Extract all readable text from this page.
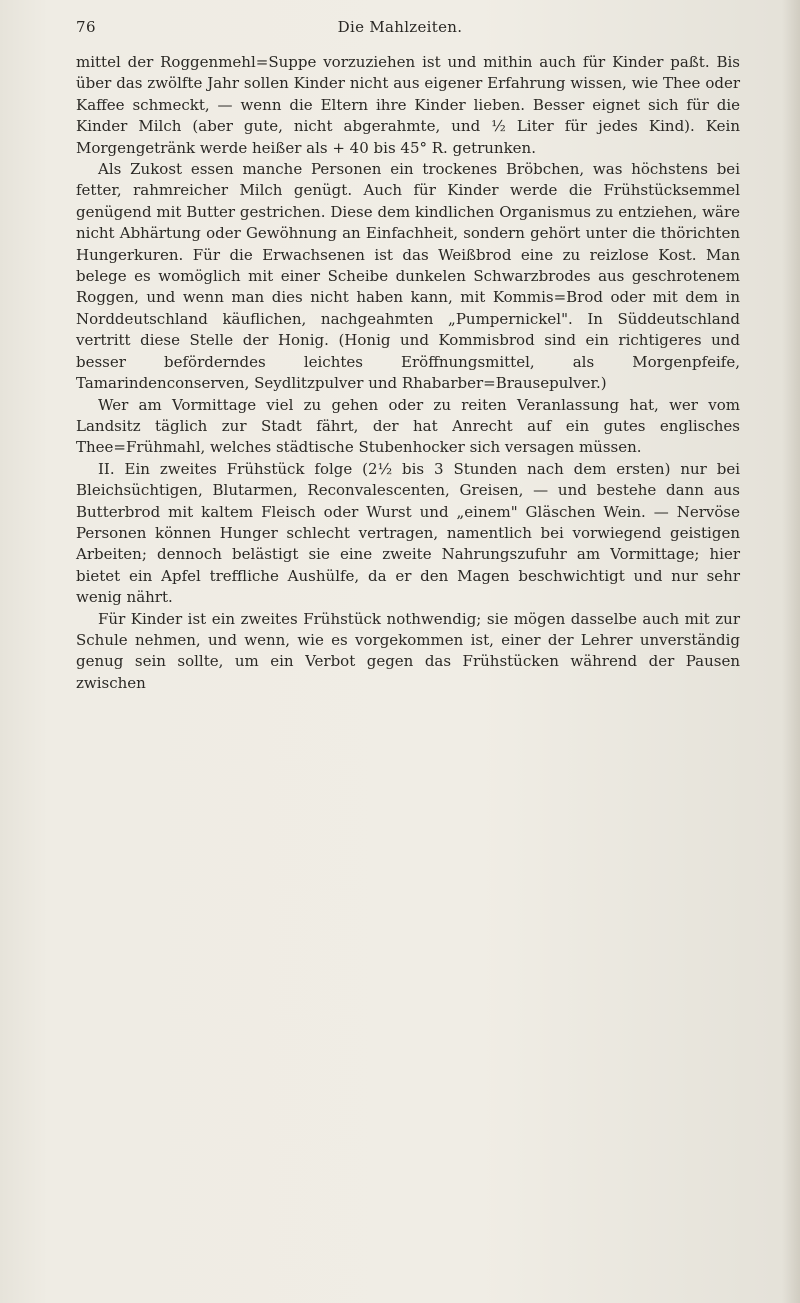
76	Die Mahlzeiten.

mittel der Roggenmehl=Suppe vorzuziehen ist und mithin auch für Kinder paßt. Bis über das zwölfte Jahr sollen Kinder nicht aus eigener Erfahrung wissen, wie Thee oder Kaffee schmeckt, — wenn die Eltern ihre Kinder lieben. Besser eignet sich für die Kinder Milch (aber gute, nicht abgerahmte, und ½ Liter für jedes Kind). Kein Morgengetränk werde heißer als + 40 bis 45° R. getrunken.

Als Zukost essen manche Personen ein trockenes Bröbchen, was höchstens bei fetter, rahmreicher Milch genügt. Auch für Kinder werde die Frühstücksemmel genügend mit Butter gestrichen. Diese dem kindlichen Organismus zu entziehen, wäre nicht Abhärtung oder Gewöhnung an Einfachheit, sondern gehört unter die thörichten Hungerkuren. Für die Erwachsenen ist das Weißbrod eine zu reizlose Kost. Man belege es womöglich mit einer Scheibe dunkelen Schwarzbrodes aus geschrotenem Roggen, und wenn man dies nicht haben kann, mit Kommis=Brod oder mit dem in Norddeutschland käuflichen, nachgeahmten „Pumpernickel". In Süddeutschland vertritt diese Stelle der Honig. (Honig und Kommisbrod sind ein richtigeres und besser beförderndes leichtes Eröffnungsmittel, als Morgenpfeife, Tamarindenconserven, Seydlitzpulver und Rhabarber=Brausepulver.)

Wer am Vormittage viel zu gehen oder zu reiten Veranlassung hat, wer vom Landsitz täglich zur Stadt fährt, der hat Anrecht auf ein gutes englisches Thee=Frühmahl, welches städtische Stubenhocker sich versagen müssen.

II. Ein zweites Frühstück folge (2½ bis 3 Stunden nach dem ersten) nur bei Bleichsüchtigen, Blutarmen, Reconvalescenten, Greisen, — und bestehe dann aus Butterbrod mit kaltem Fleisch oder Wurst und „einem" Gläschen Wein. — Nervöse Personen können Hunger schlecht vertragen, namentlich bei vorwiegend geistigen Arbeiten; dennoch belästigt sie eine zweite Nahrungszufuhr am Vormittage; hier bietet ein Apfel treffliche Aushülfe, da er den Magen beschwichtigt und nur sehr wenig nährt.

Für Kinder ist ein zweites Frühstück nothwendig; sie mögen dasselbe auch mit zur Schule nehmen, und wenn, wie es vorgekommen ist, einer der Lehrer unverständig genug sein sollte, um ein Verbot gegen das Frühstücken während der Pausen zwischen
